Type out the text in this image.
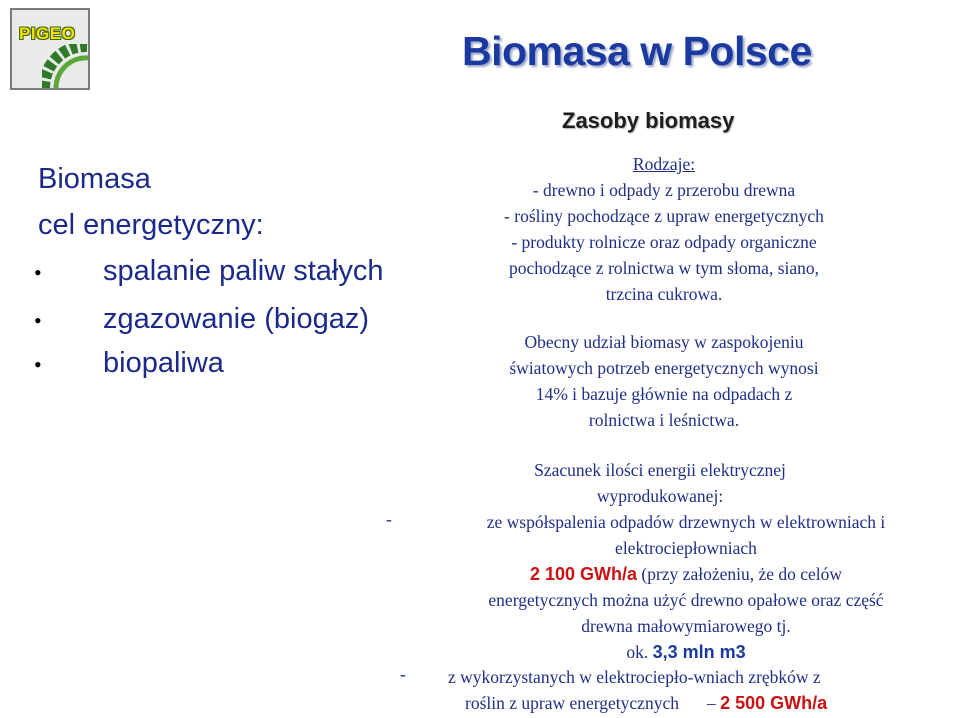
PIGEO	Biomasa w Polsce
Zasoby biomasy
Biomasa
cel energetyczny:
• spalanie paliw stałych
• zgazowanie (biogaz)
• biopaliwa
Rodzaje:
- drewno i odpady z przerobu drewna
- rośliny pochodzące z upraw energetycznych
- produkty rolnicze oraz odpady organiczne
pochodzące z rolnictwa w tym słoma, siano,
trzcina cukrowa.
Obecny udział biomasy w zaspokojeniu
światowych potrzeb energetycznych wynosi
14% i bazuje głównie na odpadach z
rolnictwa i leśnictwa.
Szacunek ilości energii elektrycznej
wyprodukowanej:
-	ze współspalenia odpadów drzewnych w elektrowniach i
elektrociepłowniach
2 100 GWh/a (przy założeniu, że do celów
energetycznych można użyć drewno opałowe oraz część
drewna małowymiarowego tj.
ok. 3,3 mln m3
-	z wykorzystanych w elektrociepło-wniach zrębków z
roślin z upraw energetycznych – 2 500 GWh/a
